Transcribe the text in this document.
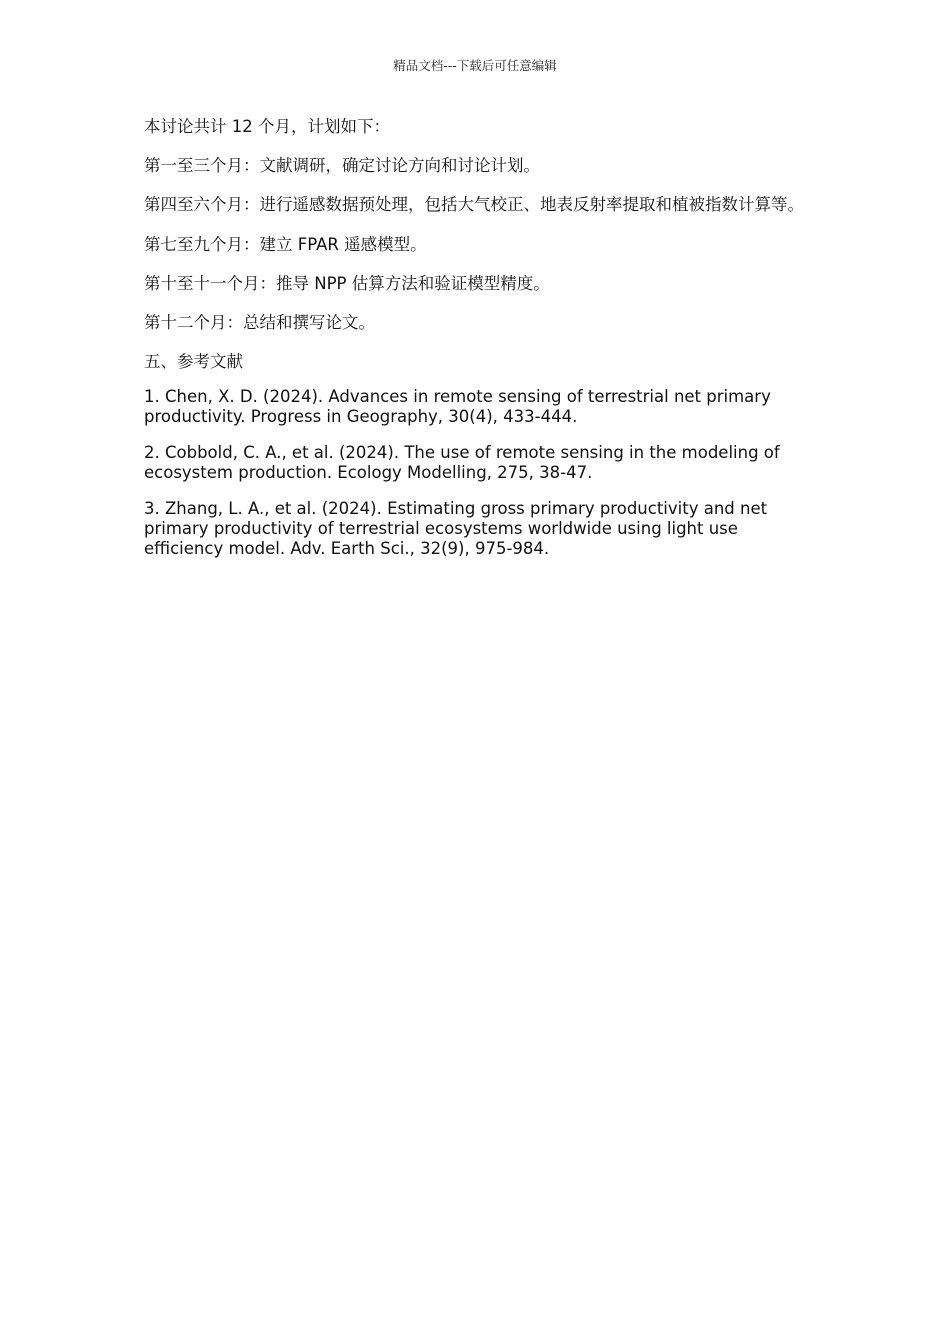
精品文档---下载后可任意编辑

本讨论共计 12 个月，计划如下：

第一至三个月：文献调研，确定讨论方向和讨论计划。

第四至六个月：进行遥感数据预处理，包括大气校正、地表反射率提取和植被指数计算等。

第七至九个月：建立 FPAR 遥感模型。

第十至十一个月：推导 NPP 估算方法和验证模型精度。

第十二个月：总结和撰写论文。

五、参考文献

1. Chen, X. D. (2024). Advances in remote sensing of terrestrial net primary productivity. Progress in Geography, 30(4), 433-444.

2. Cobbold, C. A., et al. (2024). The use of remote sensing in the modeling of ecosystem production. Ecology Modelling, 275, 38-47.

3. Zhang, L. A., et al. (2024). Estimating gross primary productivity and net primary productivity of terrestrial ecosystems worldwide using light use efficiency model. Adv. Earth Sci., 32(9), 975-984.
